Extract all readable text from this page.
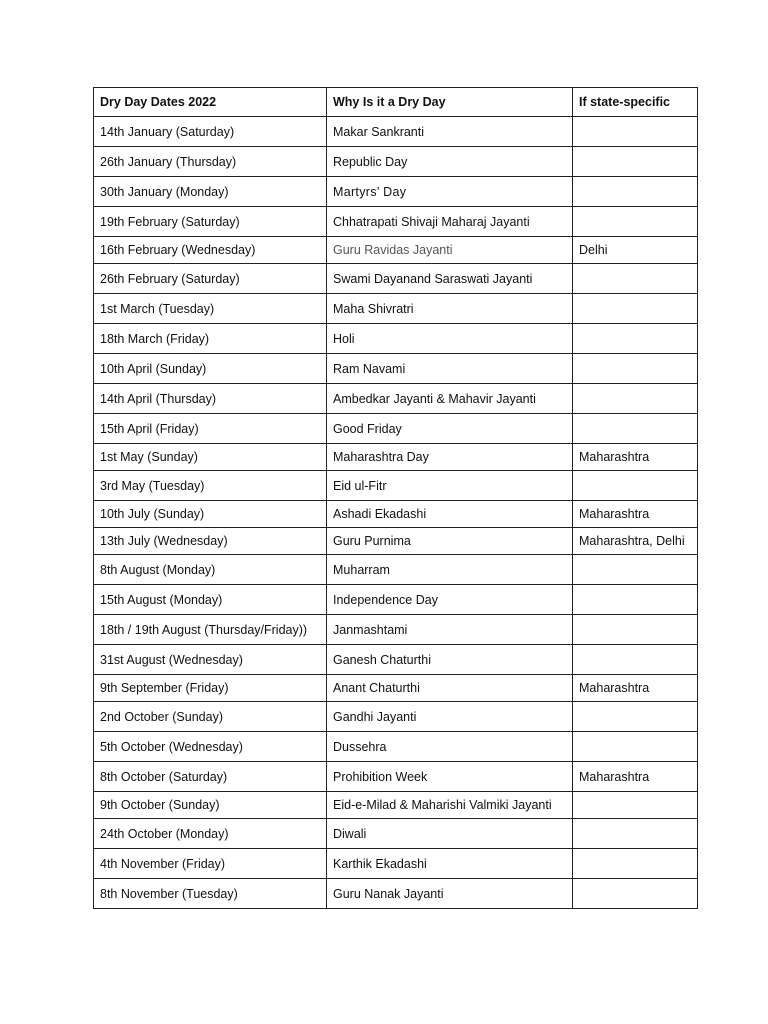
Dry Day Dates 2022	Why Is it a Dry Day	If state-specific
14th January (Saturday)	Makar Sankranti	
26th January (Thursday)	Republic Day	
30th January (Monday)	Martyrs’ Day	
19th February (Saturday)	Chhatrapati Shivaji Maharaj Jayanti	
16th February (Wednesday)	Guru Ravidas Jayanti	Delhi
26th February (Saturday)	Swami Dayanand Saraswati Jayanti	
1st March (Tuesday)	Maha Shivratri	
18th March (Friday)	Holi	
10th April (Sunday)	Ram Navami	
14th April (Thursday)	Ambedkar Jayanti & Mahavir Jayanti	
15th April (Friday)	Good Friday	
1st May (Sunday)	Maharashtra Day	Maharashtra
3rd May (Tuesday)	Eid ul-Fitr	
10th July (Sunday)	Ashadi Ekadashi	Maharashtra
13th July (Wednesday)	Guru Purnima	Maharashtra, Delhi
8th August (Monday)	Muharram	
15th August (Monday)	Independence Day	
18th / 19th August (Thursday/Friday))	Janmashtami	
31st August (Wednesday)	Ganesh Chaturthi	
9th September (Friday)	Anant Chaturthi	Maharashtra
2nd October (Sunday)	Gandhi Jayanti	
5th October (Wednesday)	Dussehra	
8th October (Saturday)	Prohibition Week	Maharashtra
9th October (Sunday)	Eid-e-Milad & Maharishi Valmiki Jayanti	
24th October (Monday)	Diwali	
4th November (Friday)	Karthik Ekadashi	
8th November (Tuesday)	Guru Nanak Jayanti	
